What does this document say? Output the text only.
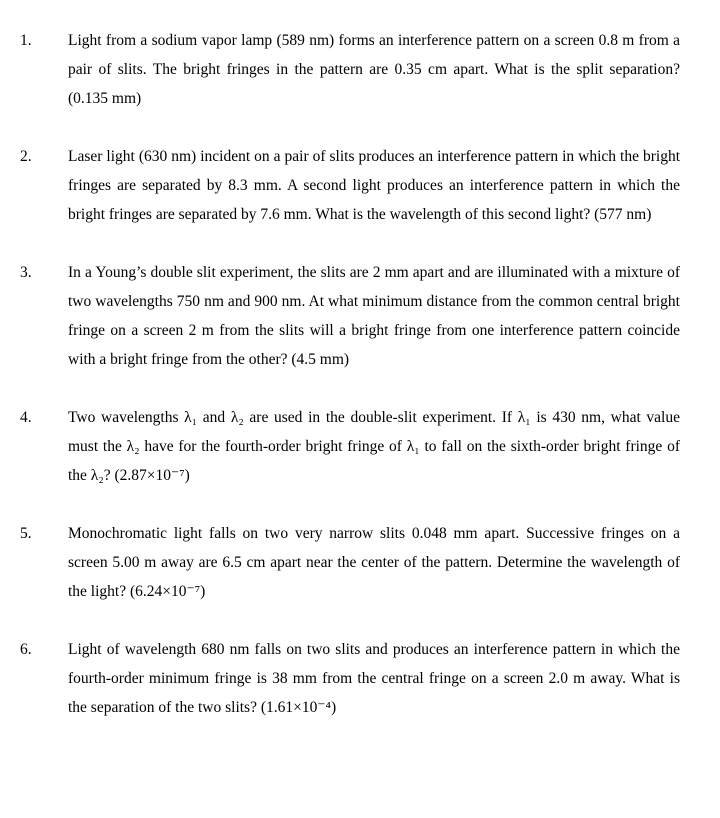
1.	Light from a sodium vapor lamp (589 nm) forms an interference pattern on a screen 0.8 m from a pair of slits. The bright fringes in the pattern are 0.35 cm apart. What is the split separation? (0.135 mm)
2.	Laser light (630 nm) incident on a pair of slits produces an interference pattern in which the bright fringes are separated by 8.3 mm. A second light produces an interference pattern in which the bright fringes are separated by 7.6 mm. What is the wavelength of this second light? (577 nm)
3.	In a Young’s double slit experiment, the slits are 2 mm apart and are illuminated with a mixture of two wavelengths 750 nm and 900 nm. At what minimum distance from the common central bright fringe on a screen 2 m from the slits will a bright fringe from one interference pattern coincide with a bright fringe from the other? (4.5 mm)
4.	Two wavelengths λ₁ and λ₂ are used in the double-slit experiment. If λ₁ is 430 nm, what value must the λ₂ have for the fourth-order bright fringe of λ₁ to fall on the sixth-order bright fringe of the λ₂? (2.87×10⁻⁷)
5.	Monochromatic light falls on two very narrow slits 0.048 mm apart. Successive fringes on a screen 5.00 m away are 6.5 cm apart near the center of the pattern. Determine the wavelength of the light? (6.24×10⁻⁷)
6.	Light of wavelength 680 nm falls on two slits and produces an interference pattern in which the fourth-order minimum fringe is 38 mm from the central fringe on a screen 2.0 m away. What is the separation of the two slits? (1.61×10⁻⁴)
